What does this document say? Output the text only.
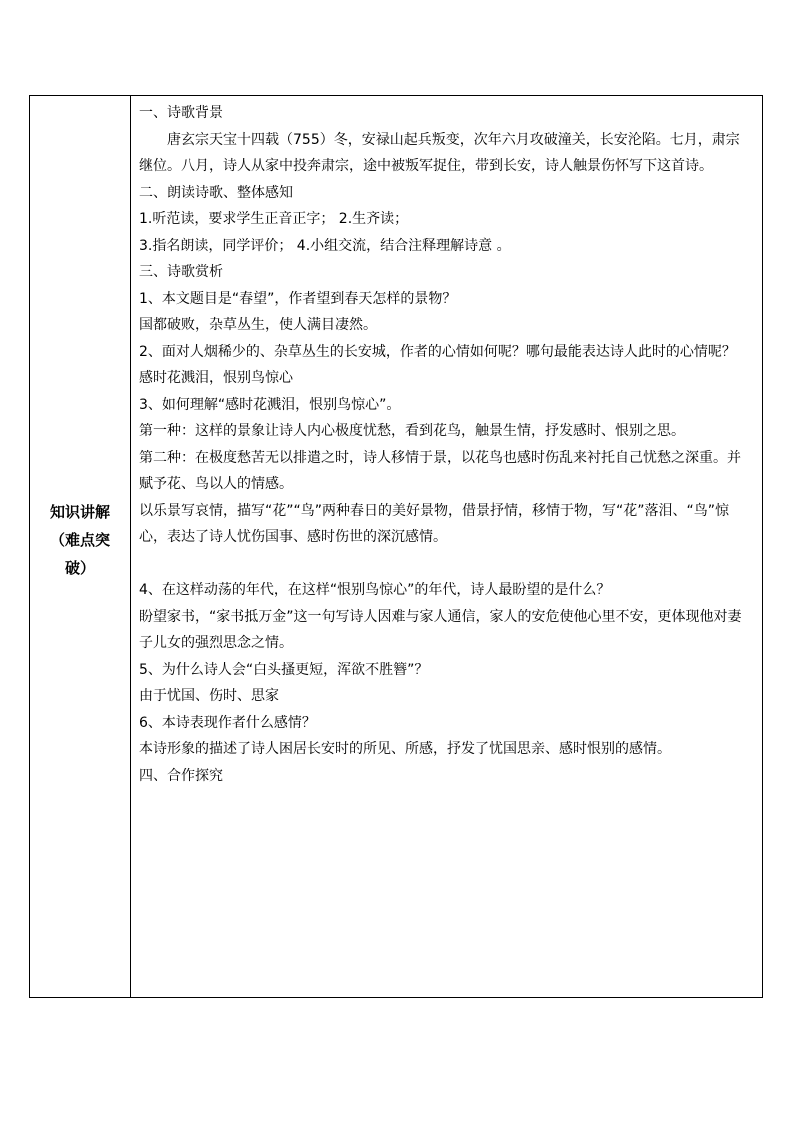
知识讲解
（难点突
破）

一、诗歌背景

唐玄宗天宝十四载（755）冬，安禄山起兵叛变，次年六月攻破潼关，长安沦陷。七月，肃宗继位。八月，诗人从家中投奔肃宗，途中被叛军捉住，带到长安，诗人触景伤怀写下这首诗。

二、朗读诗歌、整体感知

1.听范读，要求学生正音正字； 2.生齐读；

3.指名朗读，同学评价； 4.小组交流，结合注释理解诗意 。

三、诗歌赏析

1、本文题目是“春望”，作者望到春天怎样的景物？

国都破败，杂草丛生，使人满目凄然。

2、面对人烟稀少的、杂草丛生的长安城，作者的心情如何呢？哪句最能表达诗人此时的心情呢？

感时花溅泪，恨别鸟惊心

3、如何理解“感时花溅泪，恨别鸟惊心”。

第一种：这样的景象让诗人内心极度忧愁，看到花鸟，触景生情，抒发感时、恨别之思。

第二种：在极度愁苦无以排遣之时，诗人移情于景，以花鸟也感时伤乱来衬托自己忧愁之深重。并赋予花、鸟以人的情感。

以乐景写哀情，描写“花”“鸟”两种春日的美好景物，借景抒情，移情于物，写“花”落泪、“鸟”惊心，表达了诗人忧伤国事、感时伤世的深沉感情。

4、在这样动荡的年代，在这样“恨别鸟惊心”的年代，诗人最盼望的是什么？

盼望家书，“家书抵万金”这一句写诗人因难与家人通信，家人的安危使他心里不安，更体现他对妻子儿女的强烈思念之情。

5、为什么诗人会“白头搔更短，浑欲不胜簪”？

由于忧国、伤时、思家

6、本诗表现作者什么感情？

本诗形象的描述了诗人困居长安时的所见、所感，抒发了忧国思亲、感时恨别的感情。

四、合作探究
